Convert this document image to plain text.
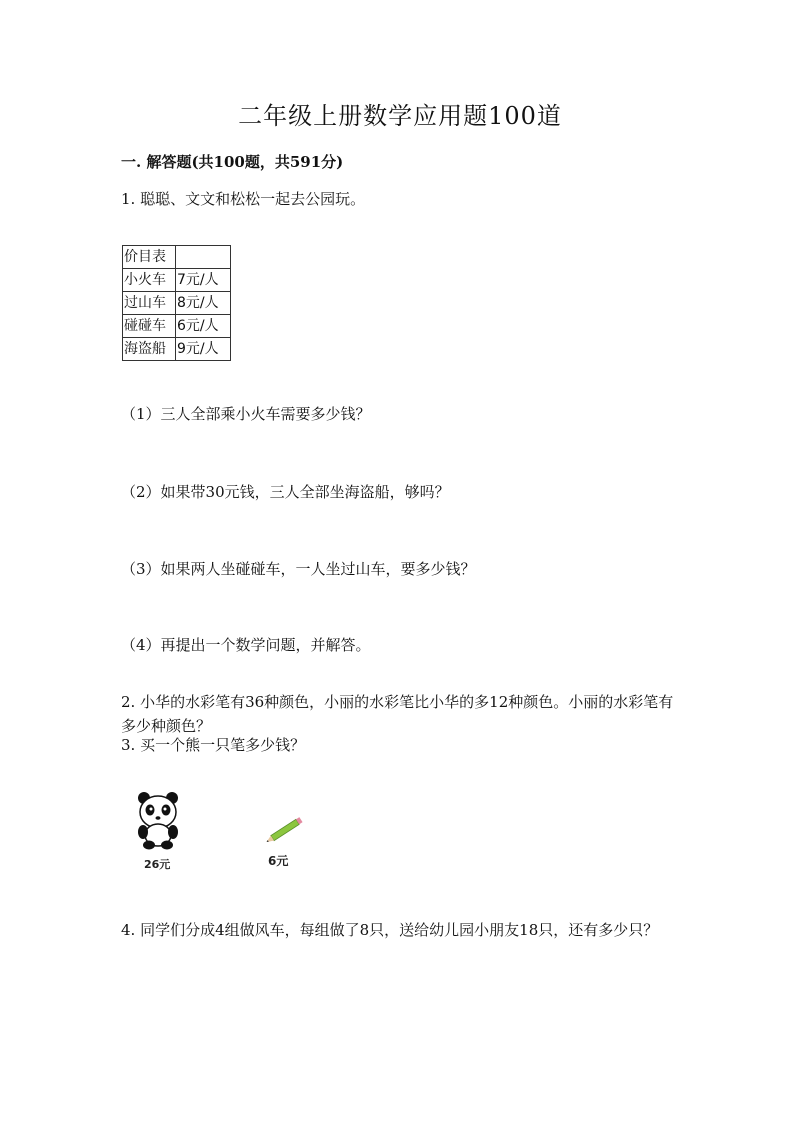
二年级上册数学应用题100道
一. 解答题(共100题，共591分)
1. 聪聪、文文和松松一起去公园玩。
价目表	
小火车	7元/人
过山车	8元/人
碰碰车	6元/人
海盗船	9元/人
（1）三人全部乘小火车需要多少钱？
（2）如果带30元钱，三人全部坐海盗船，够吗？
（3）如果两人坐碰碰车，一人坐过山车，要多少钱？
（4）再提出一个数学问题，并解答。
2. 小华的水彩笔有36种颜色，小丽的水彩笔比小华的多12种颜色。小丽的水彩笔有多少种颜色？
3. 买一个熊一只笔多少钱？
26元	6元
4. 同学们分成4组做风车，每组做了8只，送给幼儿园小朋友18只，还有多少只？
